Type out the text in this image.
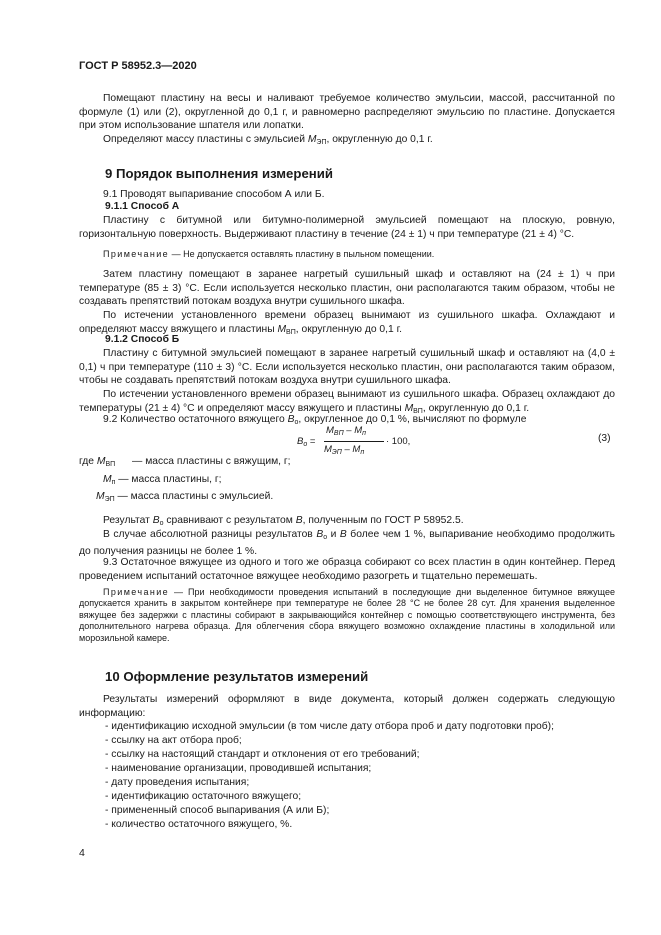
ГОСТ Р 58952.3—2020
Помещают пластину на весы и наливают требуемое количество эмульсии, массой, рассчитанной по формуле (1) или (2), округленной до 0,1 г, и равномерно распределяют эмульсию по пластине. Допускается при этом использование шпателя или лопатки.
Определяют массу пластины с эмульсией $M_{ЭП}$, округленную до 0,1 г.
9 Порядок выполнения измерений
9.1 Проводят выпаривание способом А или Б.
9.1.1 Способ А
Пластину с битумной или битумно-полимерной эмульсией помещают на плоскую, ровную, горизонтальную поверхность. Выдерживают пластину в течение (24 ± 1) ч при температуре (21 ± 4) °С.
Примечание — Не допускается оставлять пластину в пыльном помещении.
Затем пластину помещают в заранее нагретый сушильный шкаф и оставляют на (24 ± 1) ч при температуре (85 ± 3) °С. Если используется несколько пластин, они располагаются таким образом, чтобы не создавать препятствий потокам воздуха внутри сушильного шкафа.
По истечении установленного времени образец вынимают из сушильного шкафа. Охлаждают и определяют массу вяжущего и пластины $M_{ВП}$, округленную до 0,1 г.
9.1.2 Способ Б
Пластину с битумной эмульсией помещают в заранее нагретый сушильный шкаф и оставляют на (4,0 ± 0,1) ч при температуре (110 ± 3) °С. Если используется несколько пластин, они располагаются таким образом, чтобы не создавать препятствий потокам воздуха внутри сушильного шкафа.
По истечении установленного времени образец вынимают из сушильного шкафа. Образец охлаждают до температуры (21 ± 4) °С и определяют массу вяжущего и пластины $M_{ВП}$, округленную до 0,1 г.
9.2 Количество остаточного вяжущего $B_о$, округленное до 0,1 %, вычисляют по формуле
$B_о$ =
$M_{ВП} - M_п$
$M_{ЭП} - M_п$
· 100,	(3)
где $M_{ВП}$ — масса пластины с вяжущим, г;
$M_п$ — масса пластины, г;
$M_{ЭП}$ — масса пластины с эмульсией.
Результат $B_о$ сравнивают с результатом B, полученным по ГОСТ Р 58952.5.
В случае абсолютной разницы результатов $B_о$ и B более чем 1 %, выпаривание необходимо продолжить до получения разницы не более 1 %.
9.3 Остаточное вяжущее из одного и того же образца собирают со всех пластин в один контейнер. Перед проведением испытаний остаточное вяжущее необходимо разогреть и тщательно перемешать.
Примечание — При необходимости проведения испытаний в последующие дни выделенное битумное вяжущее допускается хранить в закрытом контейнере при температуре не более 28 °С не более 28 сут. Для хранения выделенное вяжущее без задержки с пластины собирают в закрывающийся контейнер с помощью соответствующего инструмента, без дополнительного нагрева образца. Для облегчения сбора вяжущего возможно охлаждение пластины в холодильной или морозильной камере.
10 Оформление результатов измерений
Результаты измерений оформляют в виде документа, который должен содержать следующую информацию:
- идентификацию исходной эмульсии (в том числе дату отбора проб и дату подготовки проб);
- ссылку на акт отбора проб;
- ссылку на настоящий стандарт и отклонения от его требований;
- наименование организации, проводившей испытания;
- дату проведения испытания;
- идентификацию остаточного вяжущего;
- примененный способ выпаривания (А или Б);
- количество остаточного вяжущего, %.
4
